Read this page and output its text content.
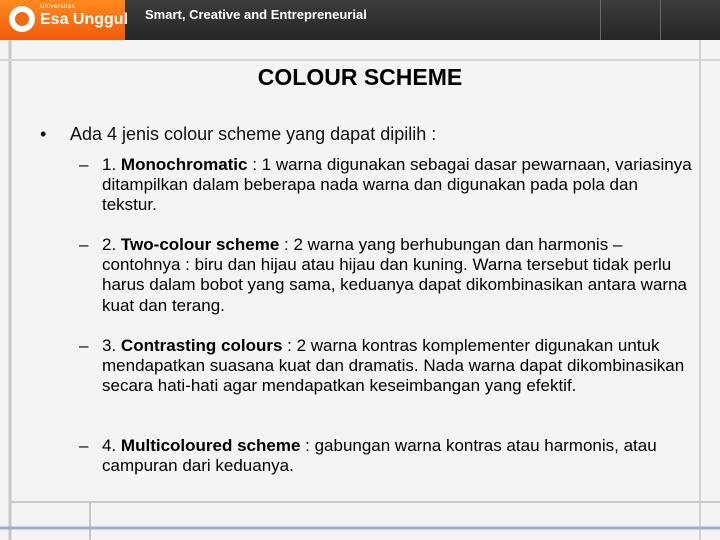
Universitas
Esa Unggul Smart, Creative and Entrepreneurial
COLOUR SCHEME
• Ada 4 jenis colour scheme yang dapat dipilih :
– 1. Monochromatic : 1 warna digunakan sebagai dasar pewarnaan, variasinya ditampilkan dalam beberapa nada warna dan digunakan pada pola dan tekstur.
– 2. Two-colour scheme : 2 warna yang berhubungan dan harmonis – contohnya : biru dan hijau atau hijau dan kuning. Warna tersebut tidak perlu harus dalam bobot yang sama, keduanya dapat dikombinasikan antara warna kuat dan terang.
– 3. Contrasting colours : 2 warna kontras komplementer digunakan untuk mendapatkan suasana kuat dan dramatis. Nada warna dapat dikombinasikan secara hati-hati agar mendapatkan keseimbangan yang efektif.
– 4. Multicoloured scheme : gabungan warna kontras atau harmonis, atau campuran dari keduanya.
